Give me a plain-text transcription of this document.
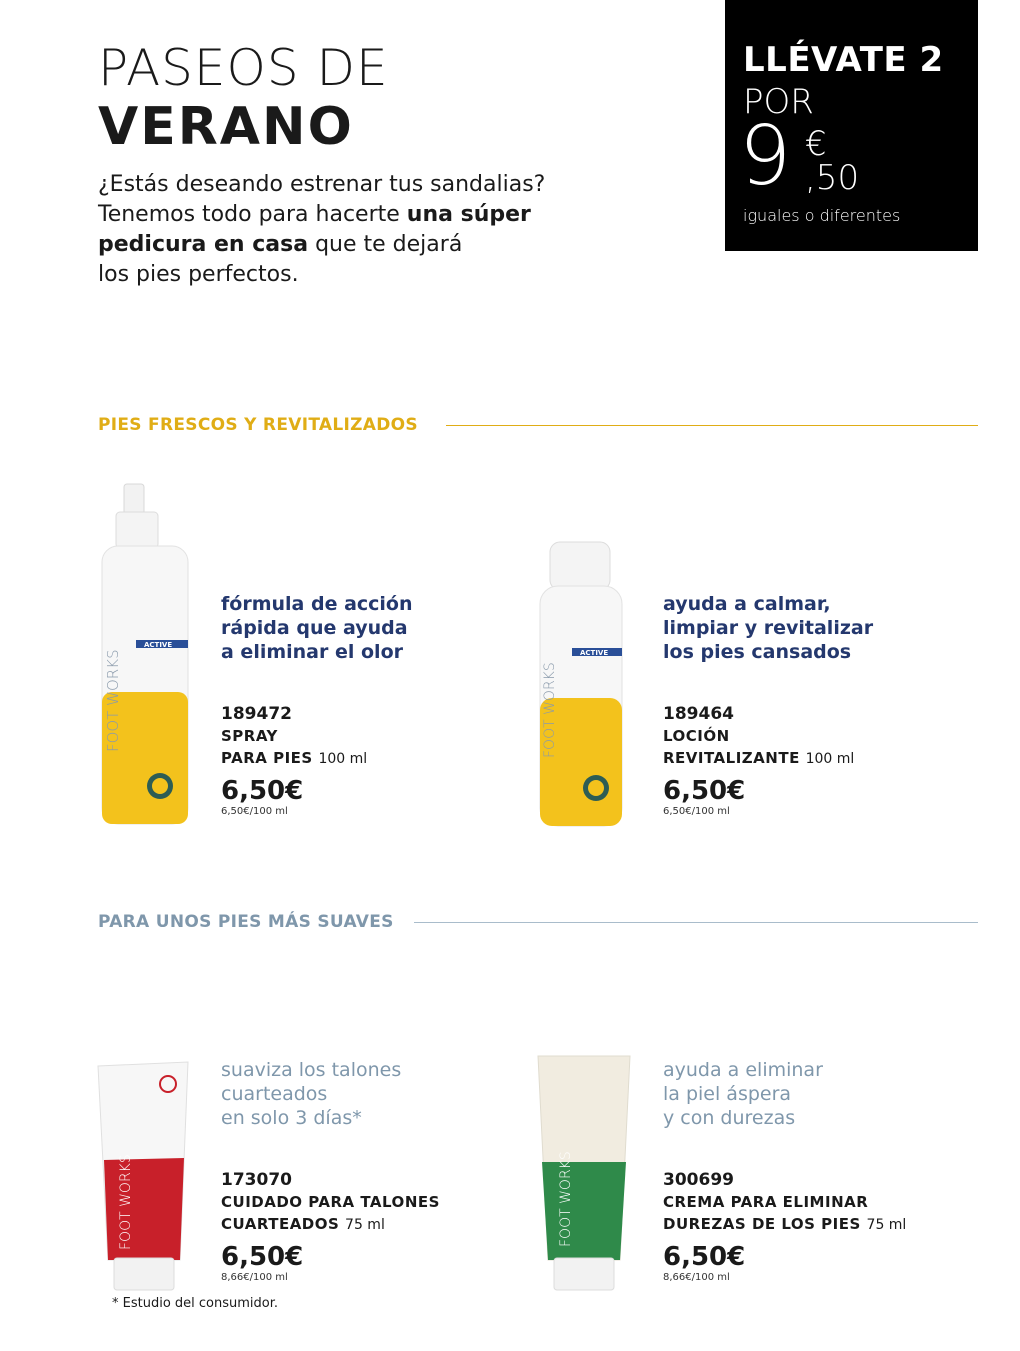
PASEOS DE
VERANO
¿Estás deseando estrenar tus sandalias?
Tenemos todo para hacerte una súper
pedicura en casa que te dejará
los pies perfectos.
LLÉVATE 2
POR
9 €
,50
iguales o diferentes
PIES FRESCOS Y REVITALIZADOS
FOOT WORKS
ACTIVE
fórmula de acción
rápida que ayuda
a eliminar el olor
189472
SPRAY
PARA PIES 100 ml
6,50€
6,50€/100 ml
FOOT WORKS
ACTIVE
ayuda a calmar,
limpiar y revitalizar
los pies cansados
189464
LOCIÓN
REVITALIZANTE 100 ml
6,50€
6,50€/100 ml
PARA UNOS PIES MÁS SUAVES
FOOT WORKS
suaviza los talones
cuarteados
en solo 3 días*
173070
CUIDADO PARA TALONES
CUARTEADOS 75 ml
6,50€
8,66€/100 ml
FOOT WORKS
ayuda a eliminar
la piel áspera
y con durezas
300699
CREMA PARA ELIMINAR
DUREZAS DE LOS PIES 75 ml
6,50€
8,66€/100 ml
* Estudio del consumidor.
